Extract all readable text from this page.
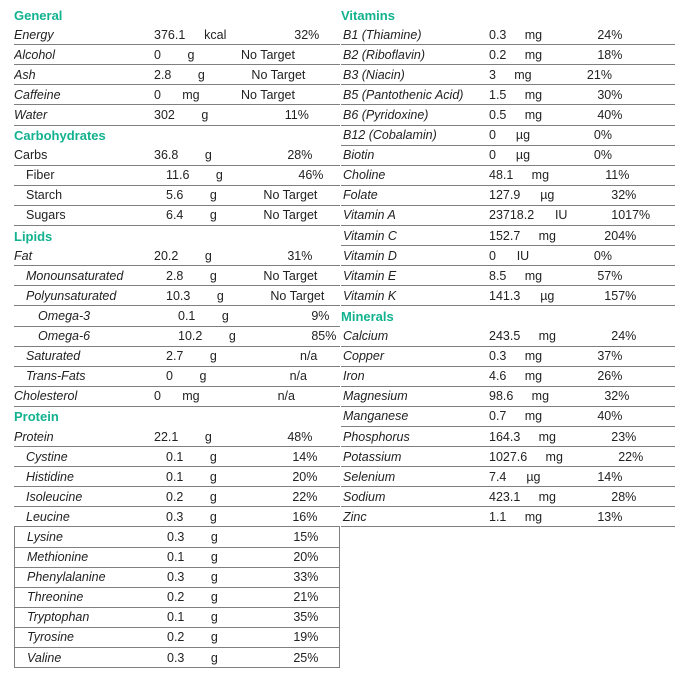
General
Energy	376.1	kcal	32%
Alcohol	0	g	No Target
Ash	2.8	g	No Target
Caffeine	0	mg	No Target
Water	302	g	11%
Carbohydrates
Carbs	36.8	g	28%
Fiber	11.6	g	46%
Starch	5.6	g	No Target
Sugars	6.4	g	No Target
Lipids
Fat	20.2	g	31%
Monounsaturated	2.8	g	No Target
Polyunsaturated	10.3	g	No Target
Omega-3	0.1	g	9%
Omega-6	10.2	g	85%
Saturated	2.7	g	n/a
Trans-Fats	0	g	n/a
Cholesterol	0	mg	n/a
Protein
Protein	22.1	g	48%
Cystine	0.1	g	14%
Histidine	0.1	g	20%
Isoleucine	0.2	g	22%
Leucine	0.3	g	16%
Lysine	0.3	g	15%
Methionine	0.1	g	20%
Phenylalanine	0.3	g	33%
Threonine	0.2	g	21%
Tryptophan	0.1	g	35%
Tyrosine	0.2	g	19%
Valine	0.3	g	25%
Vitamins
B1 (Thiamine)	0.3	mg	24%
B2 (Riboflavin)	0.2	mg	18%
B3 (Niacin)	3	mg	21%
B5 (Pantothenic Acid)	1.5	mg	30%
B6 (Pyridoxine)	0.5	mg	40%
B12 (Cobalamin)	0	µg	0%
Biotin	0	µg	0%
Choline	48.1	mg	11%
Folate	127.9	µg	32%
Vitamin A	23718.2	IU	1017%
Vitamin C	152.7	mg	204%
Vitamin D	0	IU	0%
Vitamin E	8.5	mg	57%
Vitamin K	141.3	µg	157%
Minerals
Calcium	243.5	mg	24%
Copper	0.3	mg	37%
Iron	4.6	mg	26%
Magnesium	98.6	mg	32%
Manganese	0.7	mg	40%
Phosphorus	164.3	mg	23%
Potassium	1027.6	mg	22%
Selenium	7.4	µg	14%
Sodium	423.1	mg	28%
Zinc	1.1	mg	13%
